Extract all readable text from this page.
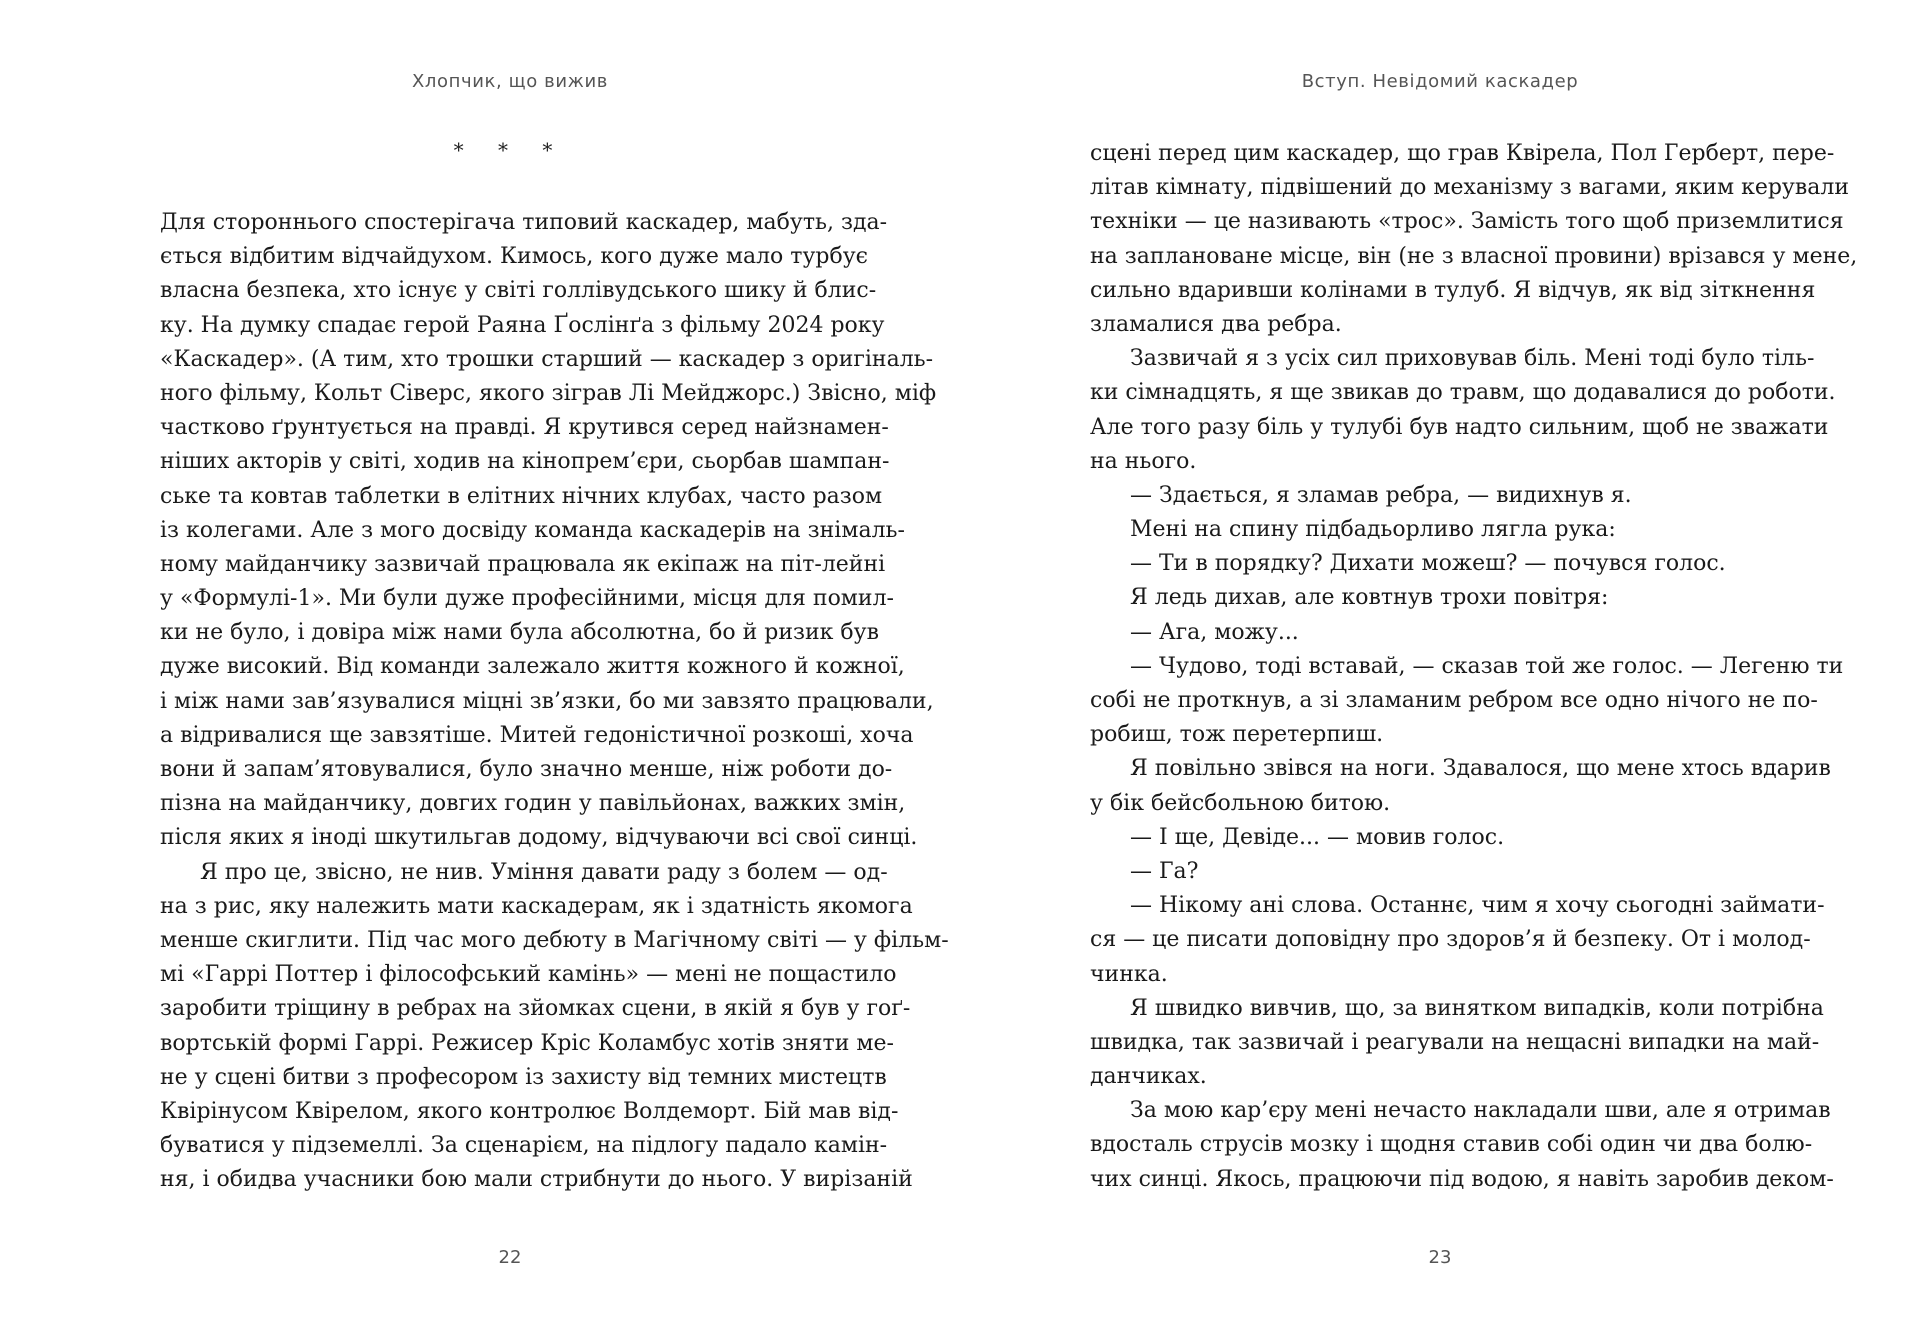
Хлопчик, що вижив
* * *
Для стороннього спостерігача типовий каскадер, мабуть, зда-
ється відбитим відчайдухом. Кимось, кого дуже мало турбує
власна безпека, хто існує у світі голлівудського шику й блис-
ку. На думку спадає герой Раяна Ґослінґа з фільму 2024 року
«Каскадер». (А тим, хто трошки старший — каскадер з оригіналь-
ного фільму, Кольт Сіверс, якого зіграв Лі Мейджорс.) Звісно, міф
частково ґрунтується на правді. Я крутився серед найзнамен-
ніших акторів у світі, ходив на кінопрем’єри, сьорбав шампан-
ське та ковтав таблетки в елітних нічних клубах, часто разом
із колегами. Але з мого досвіду команда каскадерів на знімаль-
ному майданчику зазвичай працювала як екіпаж на піт-лейні
у «Формулі-1». Ми були дуже професійними, місця для помил-
ки не було, і довіра між нами була абсолютна, бо й ризик був
дуже високий. Від команди залежало життя кожного й кожної,
і між нами зав’язувалися міцні зв’язки, бо ми завзято працювали,
а відривалися ще завзятіше. Митей гедоністичної розкоші, хоча
вони й запам’ятовувалися, було значно менше, ніж роботи до-
пізна на майданчику, довгих годин у павільйонах, важких змін,
після яких я іноді шкутильгав додому, відчуваючи всі свої синці.
Я про це, звісно, не нив. Уміння давати раду з болем — од-
на з рис, яку належить мати каскадерам, як і здатність якомога
менше скиглити. Під час мого дебюту в Магічному світі — у фільм-
мі «Гаррі Поттер і філософський камінь» — мені не пощастило
заробити тріщину в ребрах на зйомках сцени, в якій я був у гоґ-
вортській формі Гаррі. Режисер Кріс Коламбус хотів зняти ме-
не у сцені битви з професором із захисту від темних мистецтв
Квірінусом Квірелом, якого контролює Волдеморт. Бій мав від-
буватися у підземеллі. За сценарієм, на підлогу падало камін-
ня, і обидва учасники бою мали стрибнути до нього. У вирізаній
22
Вступ. Невідомий каскадер
сцені перед цим каскадер, що грав Квірела, Пол Герберт, пере-
літав кімнату, підвішений до механізму з вагами, яким керували
техніки — це називають «трос». Замість того щоб приземлитися
на заплановане місце, він (не з власної провини) врізався у мене,
сильно вдаривши колінами в тулуб. Я відчув, як від зіткнення
зламалися два ребра.
Зазвичай я з усіх сил приховував біль. Мені тоді було тіль-
ки сімнадцять, я ще звикав до травм, що додавалися до роботи.
Але того разу біль у тулубі був надто сильним, щоб не зважати
на нього.
— Здається, я зламав ребра, — видихнув я.
Мені на спину підбадьорливо лягла рука:
— Ти в порядку? Дихати можеш? — почувся голос.
Я ледь дихав, але ковтнув трохи повітря:
— Ага, можу...
— Чудово, тоді вставай, — сказав той же голос. — Легеню ти
собі не проткнув, а зі зламаним ребром все одно нічого не по-
робиш, тож перетерпиш.
Я повільно звівся на ноги. Здавалося, що мене хтось вдарив
у бік бейсбольною битою.
— І ще, Девіде... — мовив голос.
— Га?
— Нікому ані слова. Останнє, чим я хочу сьогодні займати-
ся — це писати доповідну про здоров’я й безпеку. От і молод-
чинка.
Я швидко вивчив, що, за винятком випадків, коли потрібна
швидка, так зазвичай і реагували на нещасні випадки на май-
данчиках.
За мою кар’єру мені нечасто накладали шви, але я отримав
вдосталь струсів мозку і щодня ставив собі один чи два болю-
чих синці. Якось, працюючи під водою, я навіть заробив деком-
23
